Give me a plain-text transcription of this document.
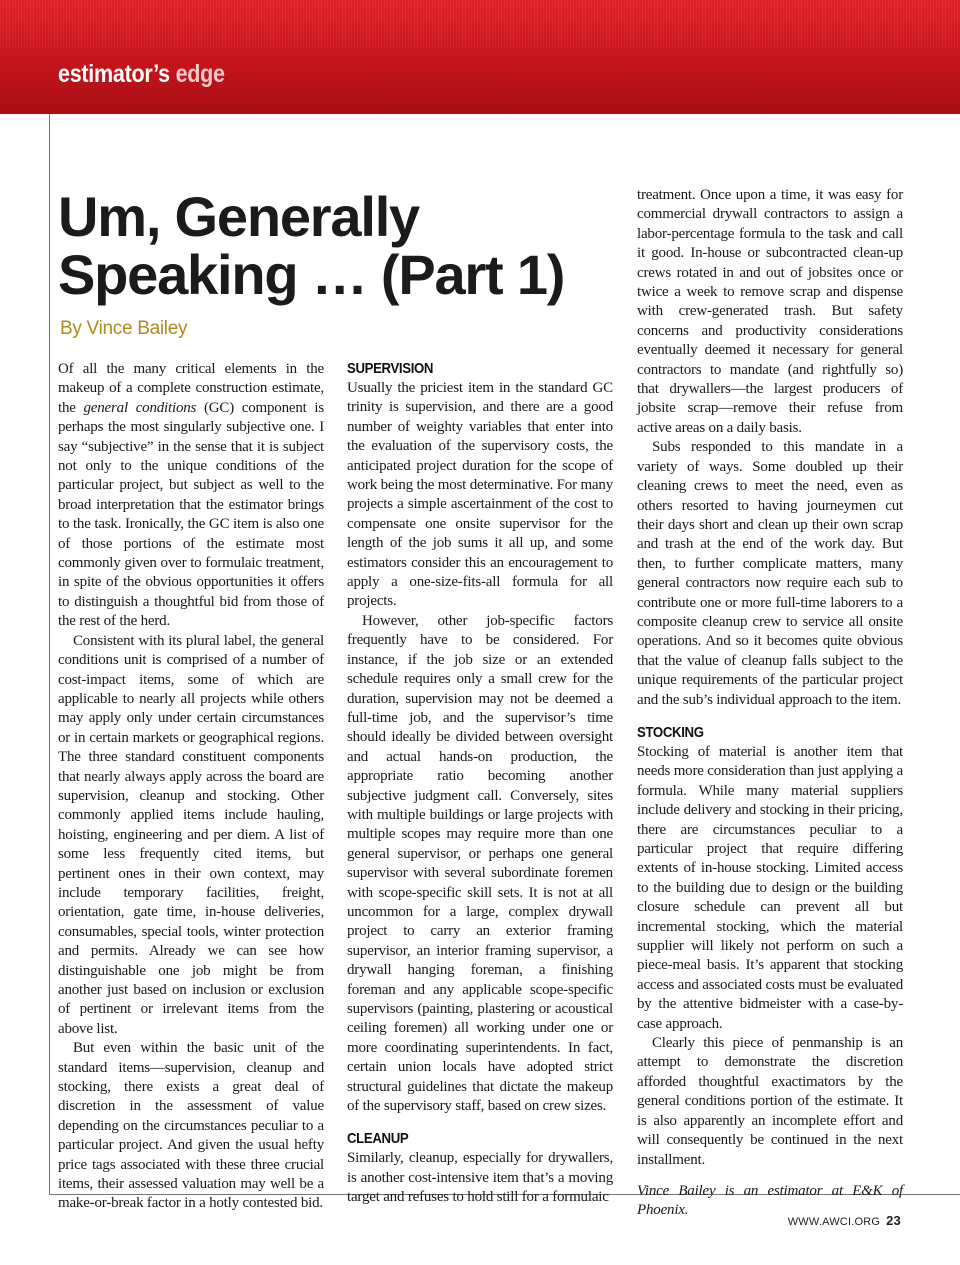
estimator’s edge
Um, Generally
Speaking … (Part 1)
By Vince Bailey

Of all the many critical elements in the makeup of a complete construction estimate, the general conditions (GC) component is perhaps the most singularly subjective one. I say “subjective” in the sense that it is subject not only to the unique conditions of the particular project, but subject as well to the broad interpretation that the estimator brings to the task. Ironically, the GC item is also one of those portions of the estimate most commonly given over to formulaic treatment, in spite of the obvious opportunities it offers to distinguish a thoughtful bid from those of the rest of the herd.

Consistent with its plural label, the general conditions unit is comprised of a number of cost-impact items, some of which are applicable to nearly all projects while others may apply only under certain circumstances or in certain markets or geographical regions. The three standard constituent components that nearly always apply across the board are supervision, cleanup and stocking. Other commonly applied items include hauling, hoisting, engineering and per diem. A list of some less frequently cited items, but pertinent ones in their own context, may include temporary facilities, freight, orientation, gate time, in-house deliveries, consumables, special tools, winter protection and permits. Already we can see how distinguishable one job might be from another just based on inclusion or exclusion of pertinent or irrelevant items from the above list.

But even within the basic unit of the standard items—supervision, cleanup and stocking, there exists a great deal of discretion in the assessment of value depending on the circumstances peculiar to a particular project. And given the usual hefty price tags associated with these three crucial items, their assessed valuation may well be a make-or-break factor in a hotly contested bid.

SUPERVISION

Usually the priciest item in the standard GC trinity is supervision, and there are a good number of weighty variables that enter into the evaluation of the supervisory costs, the anticipated project duration for the scope of work being the most determinative. For many projects a simple ascertainment of the cost to compensate one onsite supervisor for the length of the job sums it all up, and some estimators consider this an encouragement to apply a one-size-fits-all formula for all projects.

However, other job-specific factors frequently have to be considered. For instance, if the job size or an extended schedule requires only a small crew for the duration, supervision may not be deemed a full-time job, and the supervisor’s time should ideally be divided between oversight and actual hands-on production, the appropriate ratio becoming another subjective judgment call. Conversely, sites with multiple buildings or large projects with multiple scopes may require more than one general supervisor, or perhaps one general supervisor with several subordinate foremen with scope-specific skill sets. It is not at all uncommon for a large, complex drywall project to carry an exterior framing supervisor, an interior framing supervisor, a drywall hanging foreman, a finishing foreman and any applicable scope-specific supervisors (painting, plastering or acoustical ceiling foremen) all working under one or more coordinating superintendents. In fact, certain union locals have adopted strict structural guidelines that dictate the makeup of the supervisory staff, based on crew sizes.

CLEANUP

Similarly, cleanup, especially for drywallers, is another cost-intensive item that’s a moving target and refuses to hold still for a formulaic

treatment. Once upon a time, it was easy for commercial drywall contractors to assign a labor-percentage formula to the task and call it good. In-house or subcontracted clean-up crews rotated in and out of jobsites once or twice a week to remove scrap and dispense with crew-generated trash. But safety concerns and productivity considerations eventually deemed it necessary for general contractors to mandate (and rightfully so) that drywallers—the largest producers of jobsite scrap—remove their refuse from active areas on a daily basis.

Subs responded to this mandate in a variety of ways. Some doubled up their cleaning crews to meet the need, even as others resorted to having journeymen cut their days short and clean up their own scrap and trash at the end of the work day. But then, to further complicate matters, many general contractors now require each sub to contribute one or more full-time laborers to a composite cleanup crew to service all onsite operations. And so it becomes quite obvious that the value of cleanup falls subject to the unique requirements of the particular project and the sub’s individual approach to the item.

STOCKING

Stocking of material is another item that needs more consideration than just applying a formula. While many material suppliers include delivery and stocking in their pricing, there are circumstances peculiar to a particular project that require differing extents of in-house stocking. Limited access to the building due to design or the building closure schedule can prevent all but incremental stocking, which the material supplier will likely not perform on such a piece-meal basis. It’s apparent that stocking access and associated costs must be evaluated by the attentive bidmeister with a case-by-case approach.

Clearly this piece of penmanship is an attempt to demonstrate the discretion afforded thoughtful exactimators by the general conditions portion of the estimate. It is also apparently an incomplete effort and will consequently be continued in the next installment.

Vince Bailey is an estimator at E&K of Phoenix.

WWW.AWCI.ORG 23
